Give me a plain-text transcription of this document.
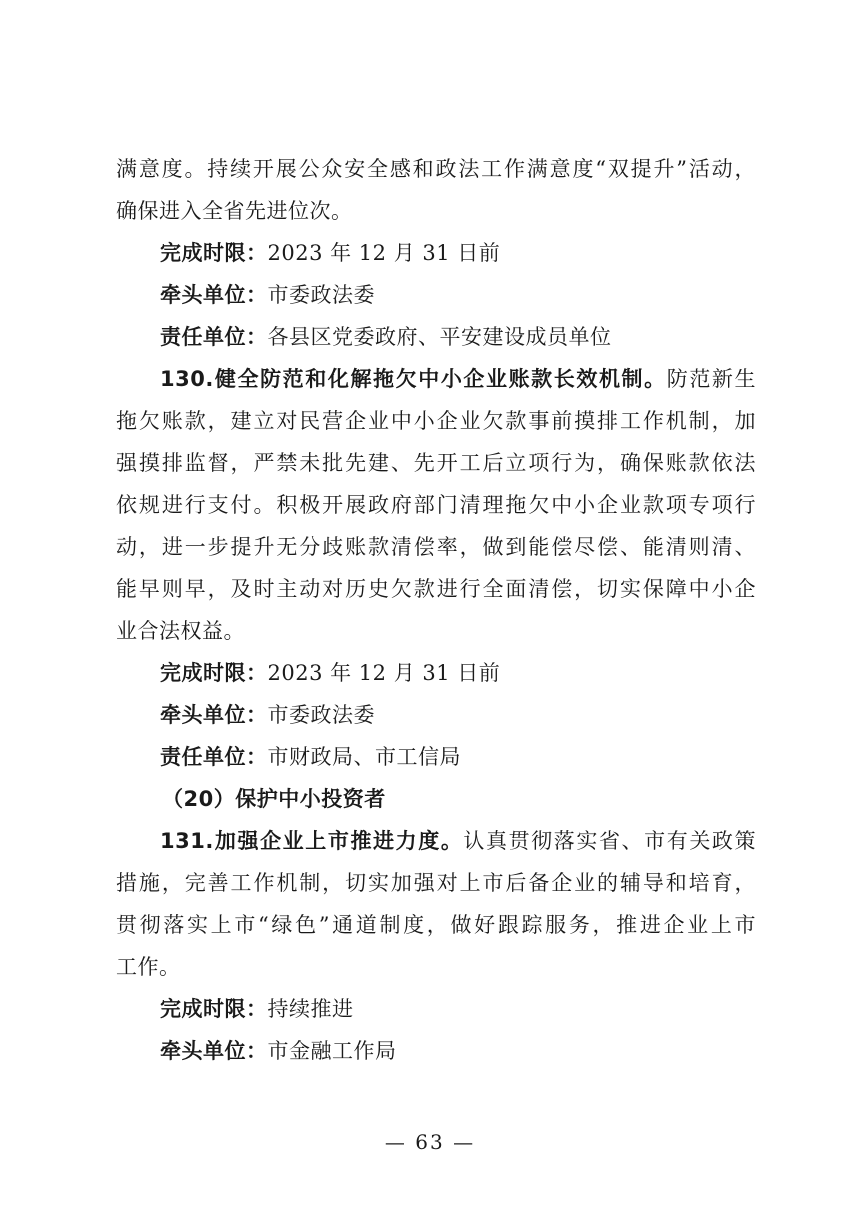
满意度。持续开展公众安全感和政法工作满意度“双提升”活动，
确保进入全省先进位次。
完成时限：2023 年 12 月 31 日前
牵头单位：市委政法委
责任单位：各县区党委政府、平安建设成员单位
130.健全防范和化解拖欠中小企业账款长效机制。防范新生
拖欠账款，建立对民营企业中小企业欠款事前摸排工作机制，加
强摸排监督，严禁未批先建、先开工后立项行为，确保账款依法
依规进行支付。积极开展政府部门清理拖欠中小企业款项专项行
动，进一步提升无分歧账款清偿率，做到能偿尽偿、能清则清、
能早则早，及时主动对历史欠款进行全面清偿，切实保障中小企
业合法权益。
完成时限：2023 年 12 月 31 日前
牵头单位：市委政法委
责任单位：市财政局、市工信局
（20）保护中小投资者
131.加强企业上市推进力度。认真贯彻落实省、市有关政策
措施，完善工作机制，切实加强对上市后备企业的辅导和培育，
贯彻落实上市“绿色”通道制度，做好跟踪服务，推进企业上市
工作。
完成时限：持续推进
牵头单位：市金融工作局
— 63 —
